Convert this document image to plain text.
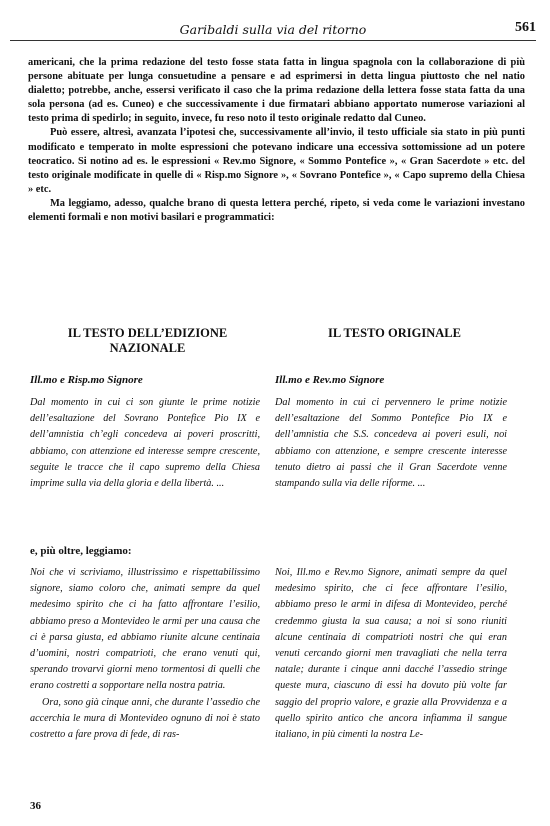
Garibaldi sulla via del ritorno	561

americani, che la prima redazione del testo fosse stata fatta in lingua spagnola con la collaborazione di più persone abituate per lunga consuetudine a pensare e ad esprimersi in detta lingua piuttosto che nel natio dialetto; potrebbe, anche, essersi verificato il caso che la prima redazione della lettera fosse stata fatta da una sola persona (ad es. Cuneo) e che successivamente i due firmatari abbiano apportato numerose variazioni al testo prima di spedirlo; in seguito, invece, fu reso noto il testo originale redatto dal Cuneo.

Può essere, altresì, avanzata l’ipotesi che, successivamente all’invio, il testo ufficiale sia stato in più punti modificato e temperato in molte espressioni che potevano indicare una eccessiva sottomissione ad un potere teocratico. Si notino ad es. le espressioni « Rev.mo Signore, « Sommo Pontefice », « Gran Sacerdote » etc. del testo originale modificate in quelle di « Risp.mo Signore », « Sovrano Pontefice », « Capo supremo della Chiesa » etc.

Ma leggiamo, adesso, qualche brano di questa lettera perché, ripeto, si veda come le variazioni investano elementi formali e non motivi basilari e programmatici:

IL TESTO DELL’EDIZIONE NAZIONALE
IL TESTO ORIGINALE
Ill.mo e Risp.mo Signore	Ill.mo e Rev.mo Signore

Dal momento in cui ci son giunte le prime notizie dell’esaltazione del Sovrano Pontefice Pio IX e dell’amnistia ch’egli concedeva ai poveri proscritti, abbiamo, con attenzione ed interesse sempre crescente, seguite le tracce che il capo supremo della Chiesa imprime sulla via della gloria e della libertà. ...

Dal momento in cui ci pervennero le prime notizie dell’esaltazione del Sommo Pontefice Pio IX e dell’amnistia che S.S. concedeva ai poveri esuli, noi abbiamo con attenzione, e sempre crescente interesse tenuto dietro ai passi che il Gran Sacerdote venne stampando sulla via delle riforme. ...

e, più oltre, leggiamo:

Noi che vi scriviamo, illustrissimo e rispettabilissimo signore, siamo coloro che, animati sempre da quel medesimo spirito che ci ha fatto affrontare l’esilio, abbiamo preso a Montevideo le armi per una causa che ci è parsa giusta, ed abbiamo riunite alcune centinaia d’uomini, nostri compatrioti, che erano venuti qui, sperando trovarvi giorni meno tormentosi di quelli che erano costretti a sopportare nella nostra patria.

Ora, sono già cinque anni, che durante l’assedio che accerchia le mura di Montevideo ognuno di noi è stato costretto a fare prova di fede, di ras-

Noi, Ill.mo e Rev.mo Signore, animati sempre da quel medesimo spirito, che ci fece affrontare l’esilio, abbiamo preso le armi in difesa di Montevideo, perché credemmo giusta la sua causa; a noi si sono riuniti alcune centinaia di compatrioti nostri che qui eran venuti cercando giorni men travagliati che nella terra natale; durante i cinque anni dacché l’assedio stringe queste mura, ciascuno di essi ha dovuto più volte far saggio del proprio valore, e grazie alla Provvidenza e a quello spirito antico che ancora infiamma il sangue italiano, in più cimenti la nostra Le-

36
